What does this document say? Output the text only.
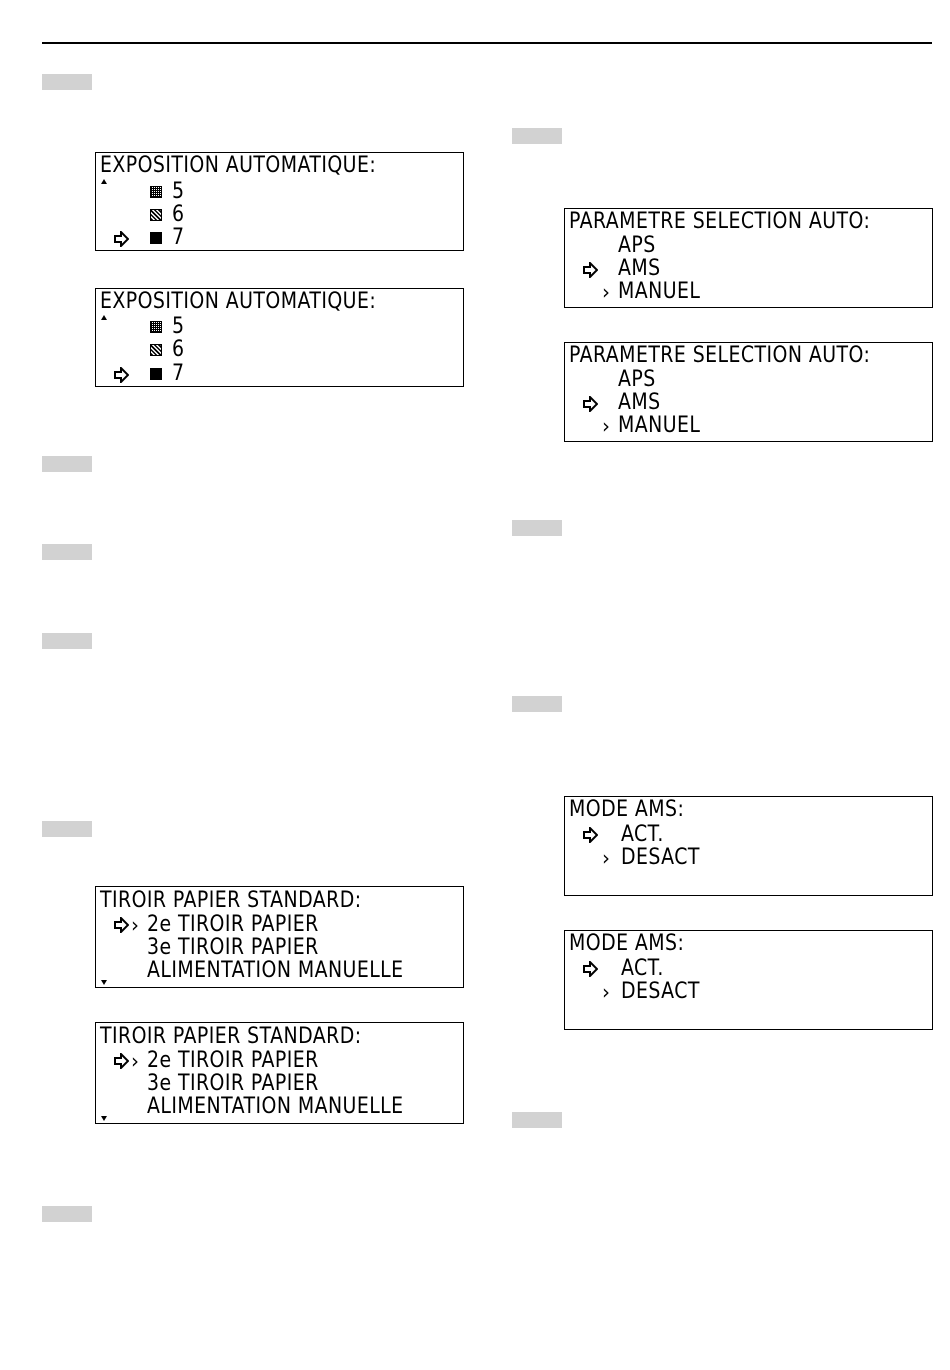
EXPOSITION AUTOMATIQUE:
5
6
7
EXPOSITION AUTOMATIQUE:
5
6
7
TIROIR PAPIER STANDARD:
› 2e TIROIR PAPIER
3e TIROIR PAPIER
ALIMENTATION MANUELLE
TIROIR PAPIER STANDARD:
› 2e TIROIR PAPIER
3e TIROIR PAPIER
ALIMENTATION MANUELLE
PARAMETRE SELECTION AUTO:
APS
AMS
› MANUEL
PARAMETRE SELECTION AUTO:
APS
AMS
› MANUEL
MODE AMS:
ACT.
› DESACT
MODE AMS:
ACT.
› DESACT
